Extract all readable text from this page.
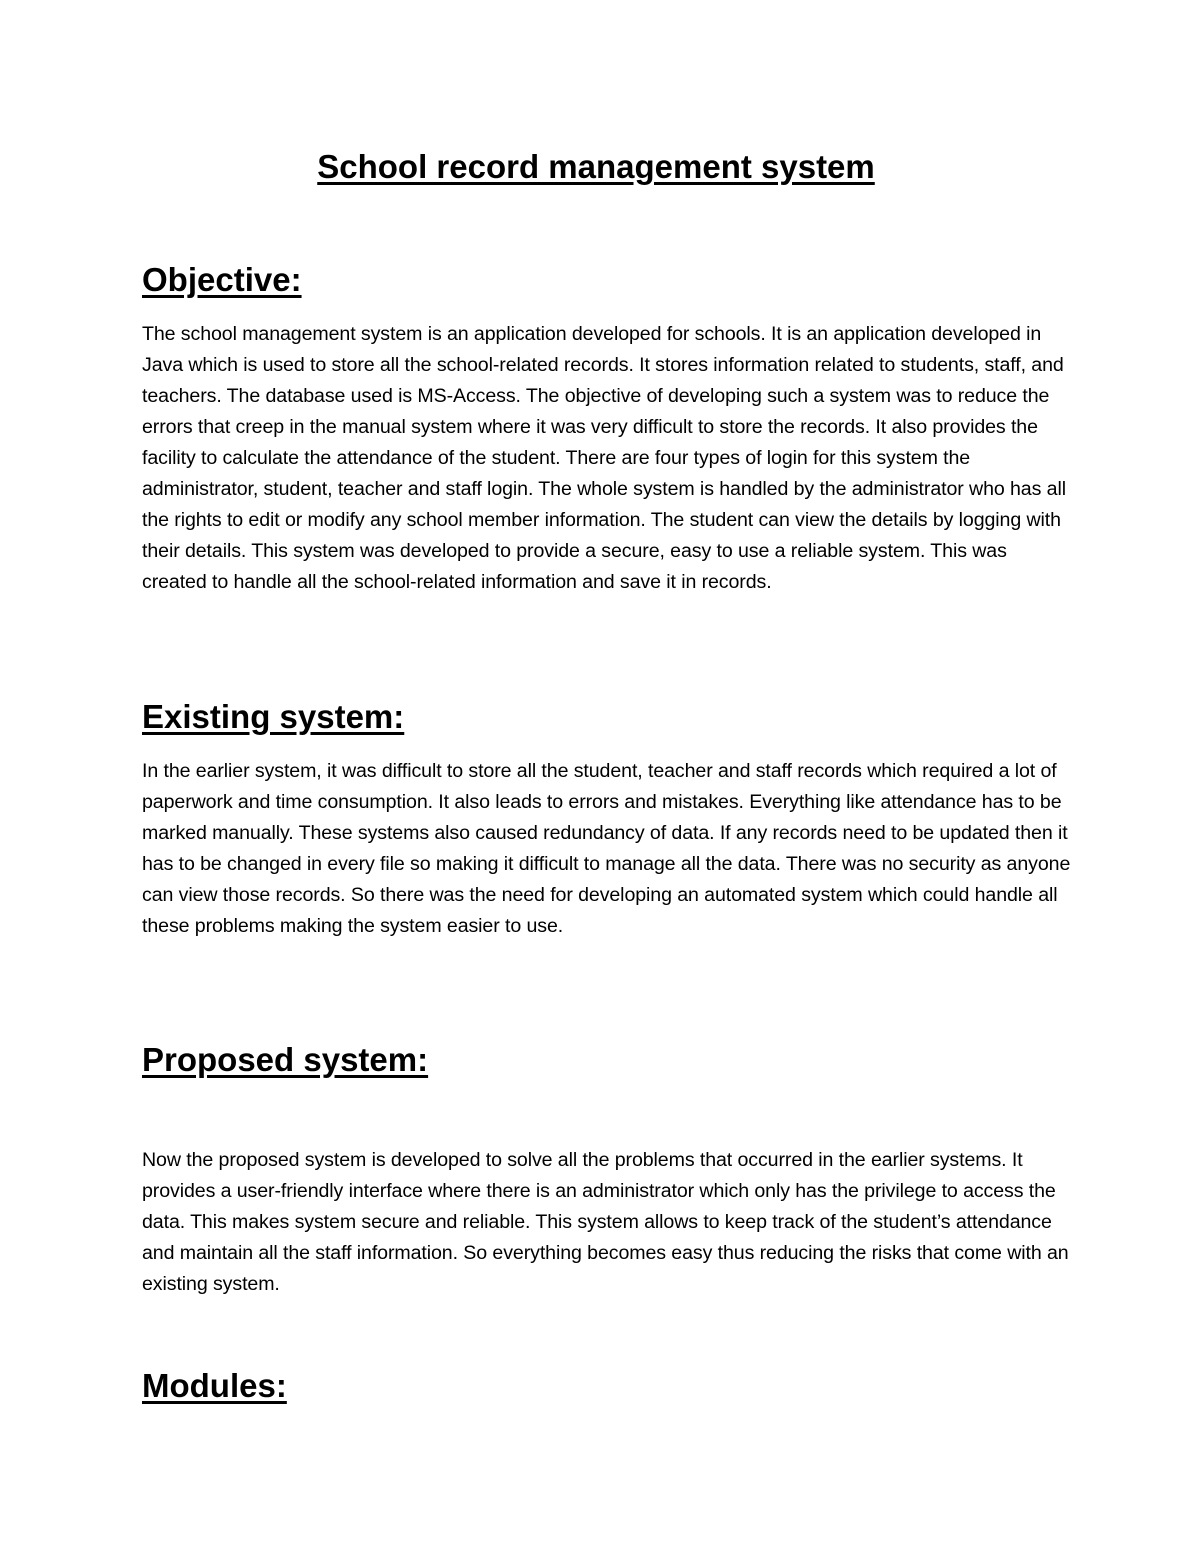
School record management system
Objective:

The school management system is an application developed for schools. It is an application developed in Java which is used to store all the school-related records. It stores information related to students, staff, and teachers. The database used is MS-Access. The objective of developing such a system was to reduce the errors that creep in the manual system where it was very difficult to store the records. It also provides the facility to calculate the attendance of the student. There are four types of login for this system the administrator, student, teacher and staff login. The whole system is handled by the administrator who has all the rights to edit or modify any school member information. The student can view the details by logging with their details. This system was developed to provide a secure, easy to use a reliable system. This was created to handle all the school-related information and save it in records.

Existing system:

In the earlier system, it was difficult to store all the student, teacher and staff records which required a lot of paperwork and time consumption. It also leads to errors and mistakes. Everything like attendance has to be marked manually. These systems also caused redundancy of data. If any records need to be updated then it has to be changed in every file so making it difficult to manage all the data. There was no security as anyone can view those records. So there was the need for developing an automated system which could handle all these problems making the system easier to use.

Proposed system:

Now the proposed system is developed to solve all the problems that occurred in the earlier systems. It provides a user-friendly interface where there is an administrator which only has the privilege to access the data. This makes system secure and reliable. This system allows to keep track of the student’s attendance and maintain all the staff information. So everything becomes easy thus reducing the risks that come with an existing system.

Modules:
